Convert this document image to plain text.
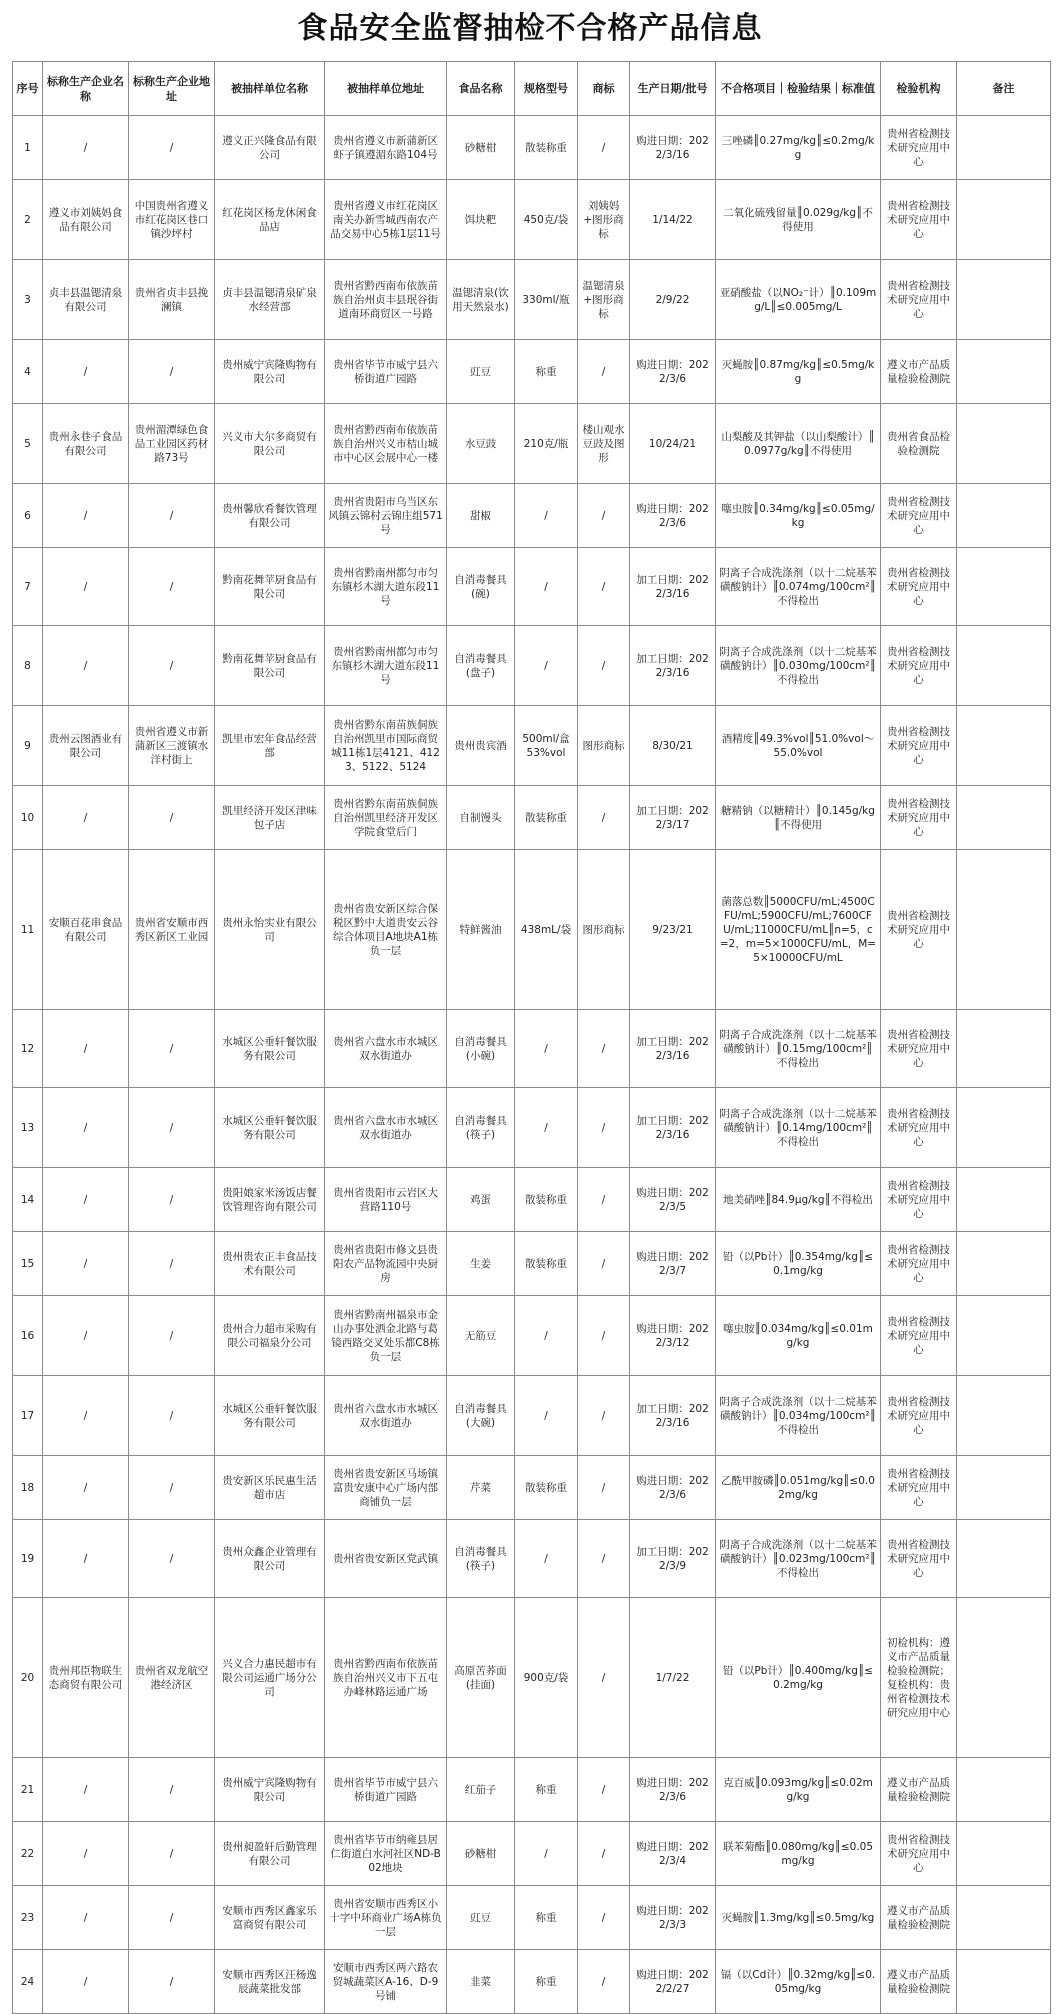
食品安全监督抽检不合格产品信息
序号	标称生产企业名称	标称生产企业地址	被抽样单位名称	被抽样单位地址	食品名称	规格型号	商标	生产日期/批号	不合格项目｜检验结果｜标准值	检验机构	备注
1	/	/	遵义正兴隆食品有限公司	贵州省遵义市新蒲新区虾子镇遵湄东路104号	砂糖柑	散装称重	/	购进日期：2022/3/16	三唑磷║0.27mg/kg║≤0.2mg/kg	贵州省检测技术研究应用中心	
2	遵义市刘姨妈食品有限公司	中国贵州省遵义市红花岗区巷口镇沙坪村	红花岗区杨龙休闲食品店	贵州省遵义市红花岗区南关办新雪城西南农产品交易中心5栋1层11号	饵块粑	450克/袋	刘姨妈+图形商标	1/14/22	二氧化硫残留量║0.029g/kg║不得使用	贵州省检测技术研究应用中心	
3	贞丰县温锶清泉有限公司	贵州省贞丰县挽澜镇	贞丰县温锶清泉矿泉水经营部	贵州省黔西南布依族苗族自治州贞丰县珉谷街道南环商贸区一号路	温锶清泉(饮用天然泉水)	330ml/瓶	温锶清泉+图形商标	2/9/22	亚硝酸盐（以NO₂⁻计）║0.109mg/L║≤0.005mg/L	贵州省检测技术研究应用中心	
4	/	/	贵州威宁宾隆购物有限公司	贵州省毕节市威宁县六桥街道广园路	豇豆	称重	/	购进日期：2022/3/6	灭蝇胺║0.87mg/kg║≤0.5mg/kg	遵义市产品质量检验检测院	
5	贵州永巷子食品有限公司	贵州湄潭绿色食品工业园区药材路73号	兴义市大尔多商贸有限公司	贵州省黔西南布依族苗族自治州兴义市桔山城市中心区会展中心一楼	水豆豉	210克/瓶	楼山观水豆豉及图形	10/24/21	山梨酸及其钾盐（以山梨酸计）║0.0977g/kg║不得使用	贵州省食品检验检测院	
6	/	/	贵州馨欣肴餐饮管理有限公司	贵州省贵阳市乌当区东风镇云锦村云锦庄组571号	甜椒	/	/	购进日期：2022/3/6	噻虫胺║0.34mg/kg║≤0.05mg/kg	贵州省检测技术研究应用中心	
7	/	/	黔南花舞苹厨食品有限公司	贵州省黔南州都匀市匀东镇杉木湖大道东段11号	自消毒餐具(碗)	/	/	加工日期：2022/3/16	阴离子合成洗涤剂（以十二烷基苯磺酸钠计）║0.074mg/100cm²║不得检出	贵州省检测技术研究应用中心	
8	/	/	黔南花舞苹厨食品有限公司	贵州省黔南州都匀市匀东镇杉木湖大道东段11号	自消毒餐具(盘子)	/	/	加工日期：2022/3/16	阴离子合成洗涤剂（以十二烷基苯磺酸钠计）║0.030mg/100cm²║不得检出	贵州省检测技术研究应用中心	
9	贵州云图酒业有限公司	贵州省遵义市新蒲新区三渡镇水洋村街上	凯里市宏年食品经营部	贵州省黔东南苗族侗族自治州凯里市国际商贸城11栋1层4121、4123、5122、5124	贵州贵宾酒	500ml/盒 53%vol	图形商标	8/30/21	酒精度║49.3%vol║51.0%vol～55.0%vol	贵州省检测技术研究应用中心	
10	/	/	凯里经济开发区津味包子店	贵州省黔东南苗族侗族自治州凯里经济开发区学院食堂后门	自制馒头	散装称重	/	加工日期：2022/3/17	糖精钠（以糖精计）║0.145g/kg║不得使用	贵州省检测技术研究应用中心	
11	安顺百花串食品有限公司	贵州省安顺市西秀区新区工业园	贵州永怡实业有限公司	贵州省贵安新区综合保税区黔中大道贵安云谷综合体项目A地块A1栋负一层	特鲜酱油	438mL/袋	图形商标	9/23/21	菌落总数║5000CFU/mL;4500CFU/mL;5900CFU/mL;7600CFU/mL;11000CFU/mL║n=5，c=2，m=5×1000CFU/mL，M=5×10000CFU/mL	贵州省检测技术研究应用中心	
12	/	/	水城区公垂轩餐饮服务有限公司	贵州省六盘水市水城区双水街道办	自消毒餐具(小碗)	/	/	加工日期：2022/3/16	阴离子合成洗涤剂（以十二烷基苯磺酸钠计）║0.15mg/100cm²║不得检出	贵州省检测技术研究应用中心	
13	/	/	水城区公垂轩餐饮服务有限公司	贵州省六盘水市水城区双水街道办	自消毒餐具(筷子)	/	/	加工日期：2022/3/16	阴离子合成洗涤剂（以十二烷基苯磺酸钠计）║0.14mg/100cm²║不得检出	贵州省检测技术研究应用中心	
14	/	/	贵阳娘家米汤饭店餐饮管理咨询有限公司	贵州省贵阳市云岩区大营路110号	鸡蛋	散装称重	/	购进日期：2022/3/5	地美硝唑║84.9μg/kg║不得检出	贵州省检测技术研究应用中心	
15	/	/	贵州贵农正丰食品技术有限公司	贵州省贵阳市修文县贵阳农产品物流园中央厨房	生姜	散装称重	/	购进日期：2022/3/7	铅（以Pb计）║0.354mg/kg║≤0.1mg/kg	贵州省检测技术研究应用中心	
16	/	/	贵州合力超市采购有限公司福泉分公司	贵州省黔南州福泉市金山办事处洒金北路与葛镜西路交叉处乐都C8栋负一层	无筋豆	/	/	购进日期：2022/3/12	噻虫胺║0.034mg/kg║≤0.01mg/kg	贵州省检测技术研究应用中心	
17	/	/	水城区公垂轩餐饮服务有限公司	贵州省六盘水市水城区双水街道办	自消毒餐具(大碗)	/	/	加工日期：2022/3/16	阴离子合成洗涤剂（以十二烷基苯磺酸钠计）║0.034mg/100cm²║不得检出	贵州省检测技术研究应用中心	
18	/	/	贵安新区乐民惠生活超市店	贵州省贵安新区马场镇富贵安康中心广场内部商铺负一层	芹菜	散装称重	/	购进日期：2022/3/6	乙酰甲胺磷║0.051mg/kg║≤0.02mg/kg	贵州省检测技术研究应用中心	
19	/	/	贵州众鑫企业管理有限公司	贵州省贵安新区党武镇	自消毒餐具(筷子)	/	/	加工日期：2022/3/9	阴离子合成洗涤剂（以十二烷基苯磺酸钠计）║0.023mg/100cm²║不得检出	贵州省检测技术研究应用中心	
20	贵州邦臣物联生态商贸有限公司	贵州省双龙航空港经济区	兴义合力惠民超市有限公司运通广场分公司	贵州省黔西南布依族苗族自治州兴义市下五屯办峰林路运通广场	高原苦荞面(挂面)	900克/袋	/	1/7/22	铅（以Pb计）║0.400mg/kg║≤0.2mg/kg	初检机构：遵义市产品质量检验检测院；复检机构：贵州省检测技术研究应用中心	
21	/	/	贵州威宁宾隆购物有限公司	贵州省毕节市威宁县六桥街道广园路	红茄子	称重	/	购进日期：2022/3/6	克百威║0.093mg/kg║≤0.02mg/kg	遵义市产品质量检验检测院	
22	/	/	贵州昶盈轩后勤管理有限公司	贵州省毕节市纳雍县居仁街道白水河社区ND-B02地块	砂糖柑	/	/	购进日期：2022/3/4	联苯菊酯║0.080mg/kg║≤0.05mg/kg	贵州省检测技术研究应用中心	
23	/	/	安顺市西秀区鑫家乐富商贸有限公司	贵州省安顺市西秀区小十字中环商业广场A栋负一层	豇豆	称重	/	购进日期：2022/3/3	灭蝇胺║1.3mg/kg║≤0.5mg/kg	遵义市产品质量检验检测院	
24	/	/	安顺市西秀区汪杨逸辰蔬菜批发部	安顺市西秀区两六路农贸城蔬菜区A-16、D-9号铺	韭菜	称重	/	购进日期：2022/2/27	镉（以Cd计）║0.32mg/kg║≤0.05mg/kg	遵义市产品质量检验检测院	
